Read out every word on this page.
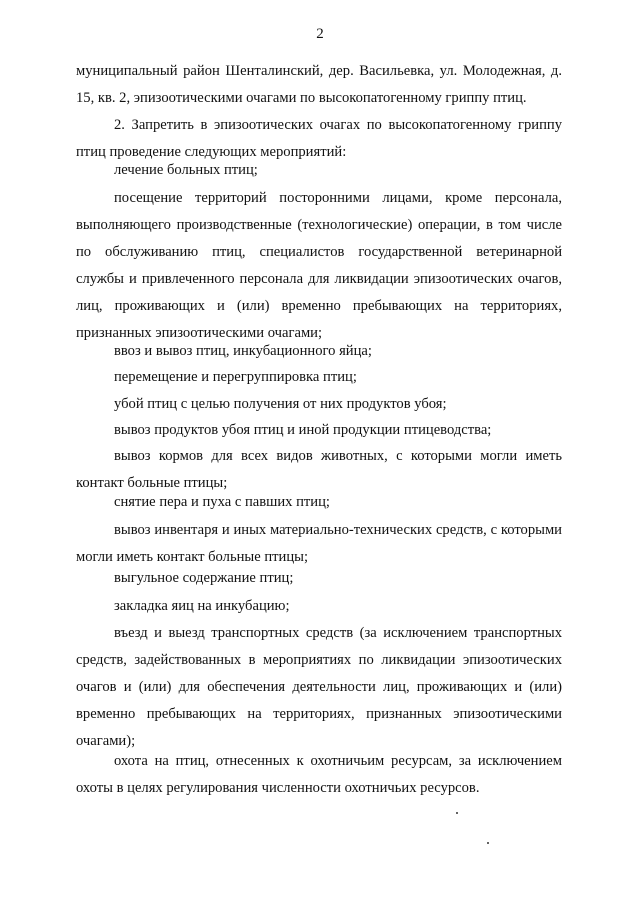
2

муниципальный район Шенталинский, дер. Васильевка, ул. Молодежная, д. 15, кв. 2, эпизоотическими очагами по высокопатогенному гриппу птиц.

2. Запретить в эпизоотических очагах по высокопатогенному гриппу птиц проведение следующих мероприятий:

лечение больных птиц;

посещение территорий посторонними лицами, кроме персонала, выполняющего производственные (технологические) операции, в том числе по обслуживанию птиц, специалистов государственной ветеринарной службы и привлеченного персонала для ликвидации эпизоотических очагов, лиц, проживающих и (или) временно пребывающих на территориях, признанных эпизоотическими очагами;

ввоз и вывоз птиц, инкубационного яйца;

перемещение и перегруппировка птиц;

убой птиц с целью получения от них продуктов убоя;

вывоз продуктов убоя птиц и иной продукции птицеводства;

вывоз кормов для всех видов животных, с которыми могли иметь контакт больные птицы;

снятие пера и пуха с павших птиц;

вывоз инвентаря и иных материально-технических средств, с которыми могли иметь контакт больные птицы;

выгульное содержание птиц;

закладка яиц на инкубацию;

въезд и выезд транспортных средств (за исключением транспортных средств, задействованных в мероприятиях по ликвидации эпизоотических очагов и (или) для обеспечения деятельности лиц, проживающих и (или) временно пребывающих на территориях, признанных эпизоотическими очагами);

охота на птиц, отнесенных к охотничьим ресурсам, за исключением охоты в целях регулирования численности охотничьих ресурсов.
